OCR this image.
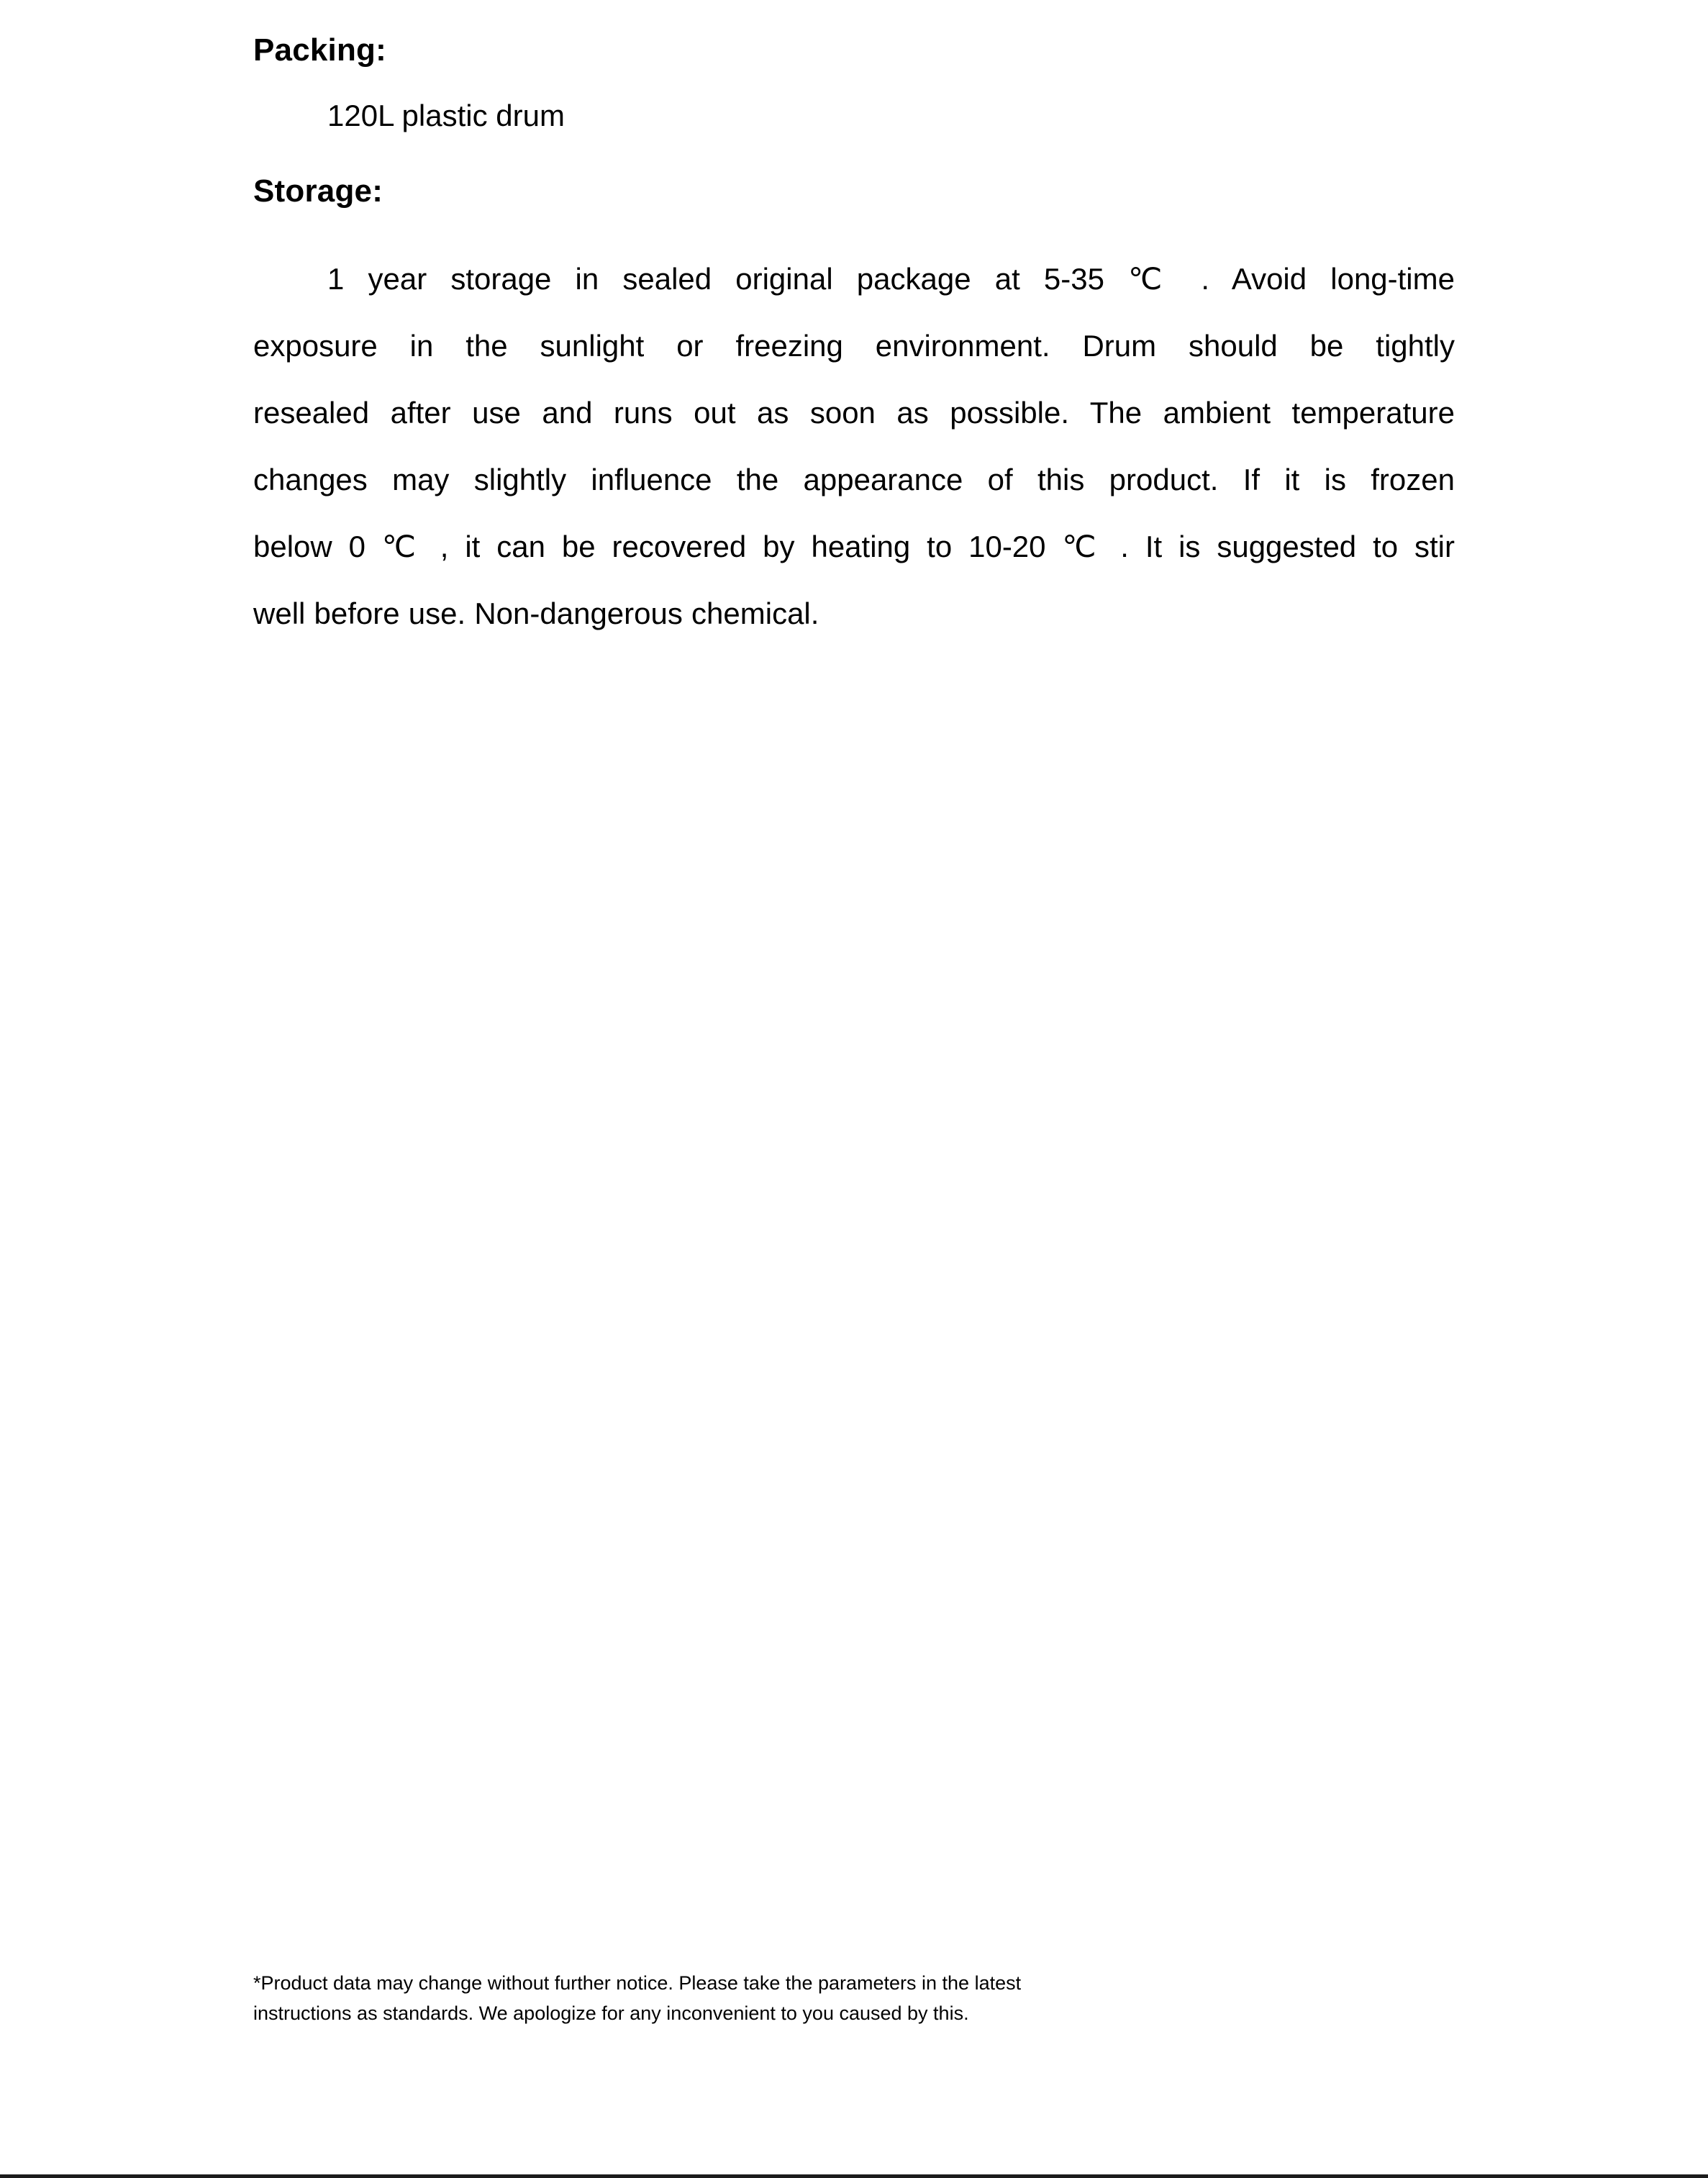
Packing:
120L plastic drum
Storage:
1 year storage in sealed original package at 5-35 ℃ . Avoid long-time
exposure in the sunlight or freezing environment. Drum should be tightly
resealed after use and runs out as soon as possible. The ambient temperature
changes may slightly influence the appearance of this product. If it is frozen
below 0 ℃ , it can be recovered by heating to 10-20 ℃ . It is suggested to stir
well before use. Non-dangerous chemical.
*Product data may change without further notice. Please take the parameters in the latest
instructions as standards. We apologize for any inconvenient to you caused by this.
